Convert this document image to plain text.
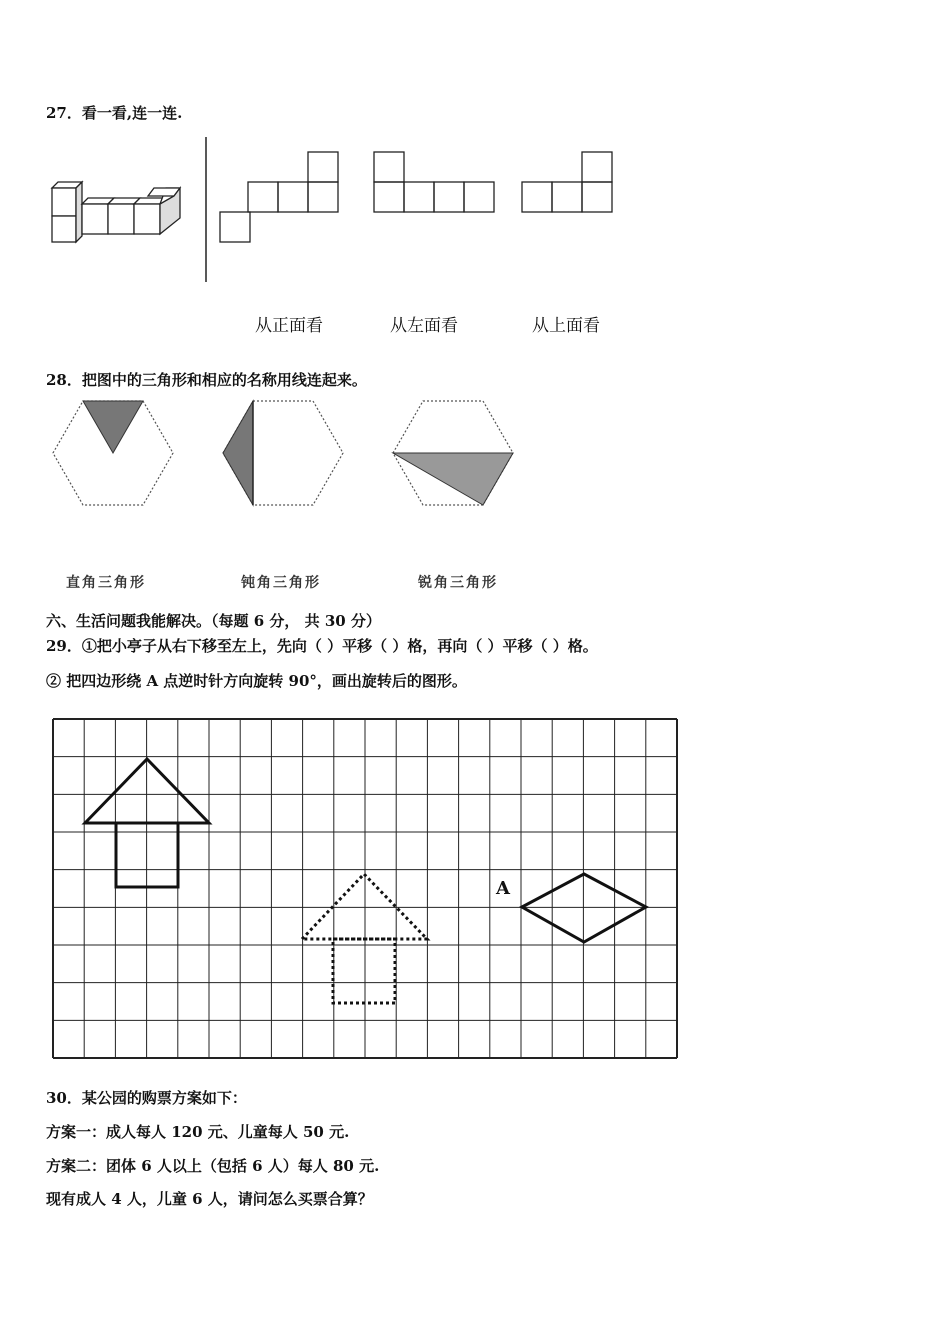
27．看一看,连一连.
从正面看	从左面看	从上面看
28．把图中的三角形和相应的名称用线连起来。
直角三角形	钝角三角形	锐角三角形
六、生活问题我能解决。（每题 6 分， 共 30 分）
29．①把小亭子从右下移至左上，先向（ ）平移（ ）格，再向（ ）平移（ ）格。
② 把四边形绕 A 点逆时针方向旋转 90°，画出旋转后的图形。
A
30．某公园的购票方案如下：
方案一：成人每人 120 元、儿童每人 50 元.
方案二：团体 6 人以上（包括 6 人）每人 80 元.
现有成人 4 人，儿童 6 人，请问怎么买票合算？
